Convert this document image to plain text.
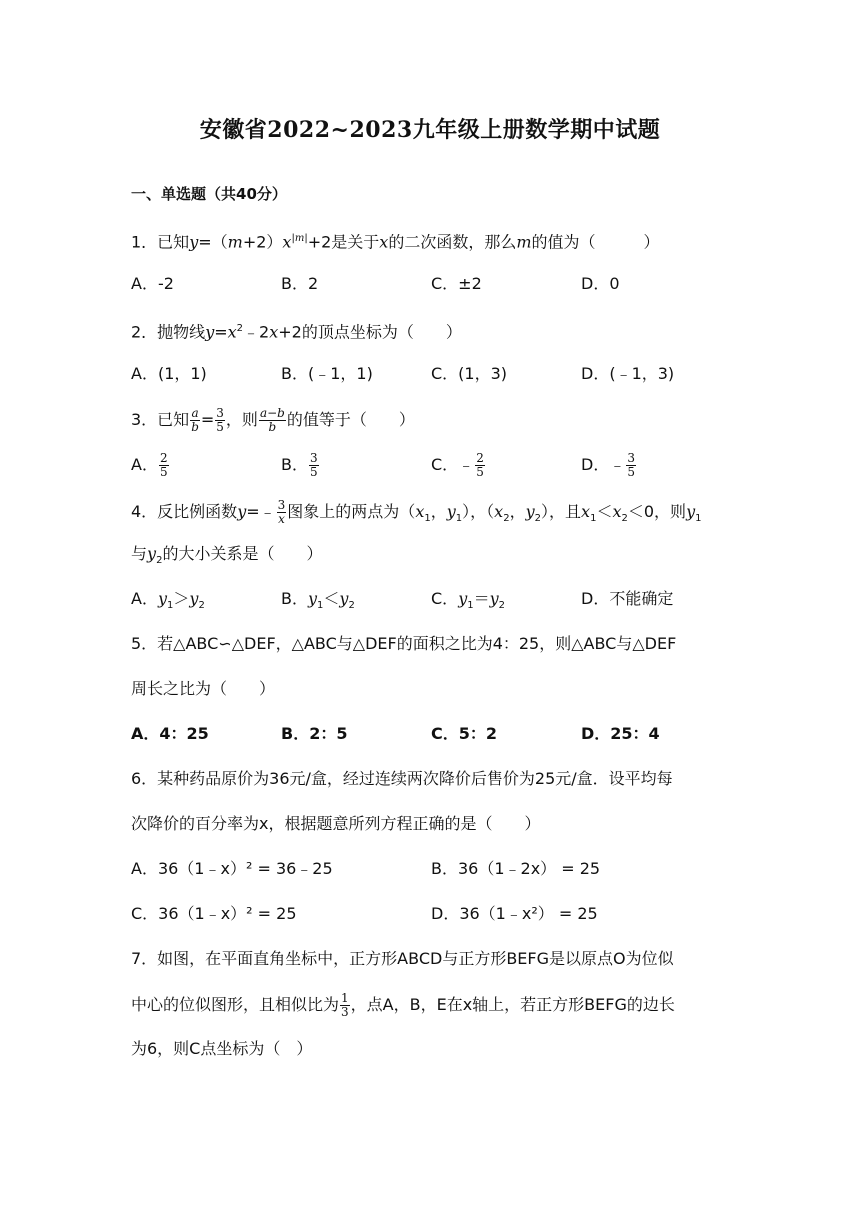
安徽省2022~2023九年级上册数学期中试题
一、单选题（共40分）
1．已知$y=(m+2)x^{|m|}+2$是关于x的二次函数，那么m的值为（　　　）
A．-2	B．2	C．±2	D．0
2．抛物线$y=x^2﹣2x+2$的顶点坐标为（　　）
A．(1，1)	B．(﹣1，1)	C．(1，3)	D．(﹣1，3)
3．已知 $\frac{a}{b} = \frac{3}{5}$ ，则 $\frac{a-b}{b}$ 的值等于（　　）
A． $\frac{2}{5}$	B． $\frac{3}{5}$	C．﹣ $\frac{2}{5}$	D．﹣ $\frac{3}{5}$
4．反比例函数y=﹣ $\frac{3}{x}$ 图象上的两点为（$x_1$，$y_1$），（$x_2$，$y_2$），且$x_1<x_2<0$，则$y_1$
与$y_2$的大小关系是（　　）
A．$y_1>y_2$	B．$y_1<y_2$	C．$y_1=y_2$	D．不能确定
5．若△ABC∽△DEF，△ABC与△DEF的面积之比为4：25，则△ABC与△DEF
周长之比为（　　）
A．4：25	B．2：5	C．5：2	D．25：4
6．某种药品原价为36元/盒，经过连续两次降价后售价为25元/盒．设平均每
次降价的百分率为x，根据题意所列方程正确的是（　　）
A．36（1﹣x）² = 36﹣25	B．36（1﹣2x） = 25
C．36（1﹣x）² = 25	D．36（1﹣x²） = 25
7．如图，在平面直角坐标中，正方形ABCD与正方形BEFG是以原点O为位似
中心的位似图形，且相似比为 $\frac{1}{3}$ ，点A，B，E在x轴上，若正方形BEFG的边长
为6，则C点坐标为（　）
